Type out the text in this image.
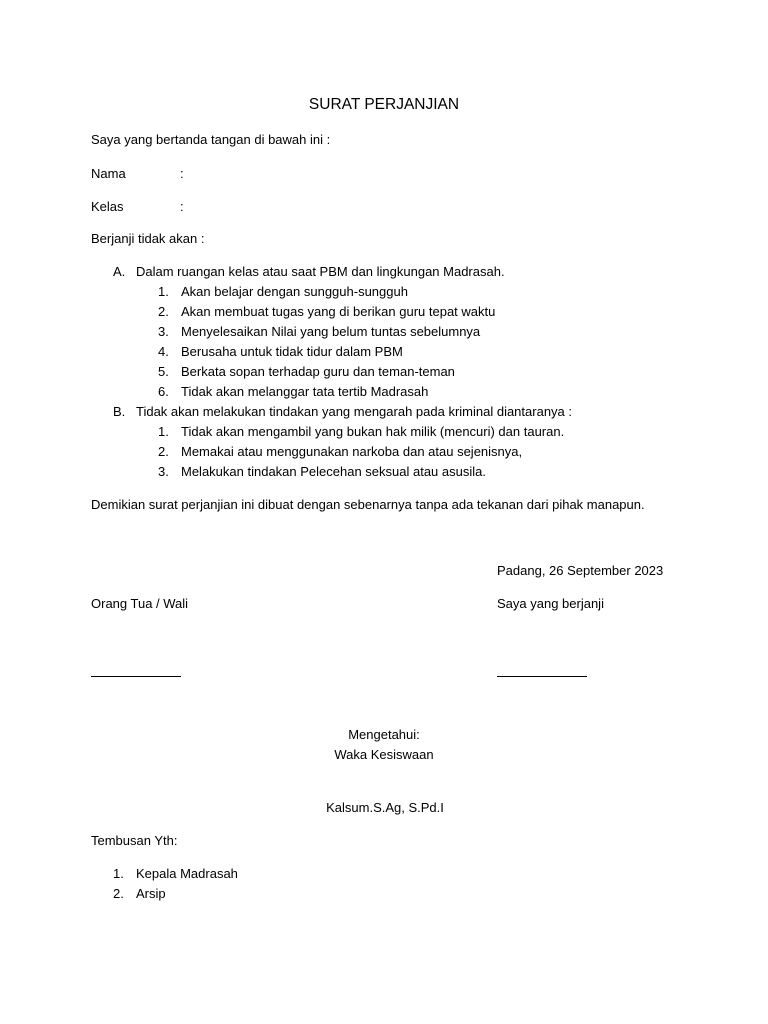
SURAT PERJANJIAN
Saya yang bertanda tangan di bawah ini :
Nama	:
Kelas	:
Berjanji tidak akan :
A. Dalam ruangan kelas atau saat PBM dan lingkungan Madrasah.
1. Akan belajar dengan sungguh-sungguh
2. Akan membuat tugas yang di berikan guru tepat waktu
3. Menyelesaikan Nilai yang belum tuntas sebelumnya
4. Berusaha untuk tidak tidur dalam PBM
5. Berkata sopan terhadap guru dan teman-teman
6. Tidak akan melanggar tata tertib Madrasah
B. Tidak akan melakukan tindakan yang mengarah pada kriminal diantaranya :
1. Tidak akan mengambil yang bukan hak milik (mencuri) dan tauran.
2. Memakai atau menggunakan narkoba dan atau sejenisnya,
3. Melakukan tindakan Pelecehan seksual atau asusila.
Demikian surat perjanjian ini dibuat dengan sebenarnya tanpa ada tekanan dari pihak manapun.
Padang, 26 September 2023
Orang Tua / Wali	Saya yang berjanji
Mengetahui:
Waka Kesiswaan
Kalsum.S.Ag, S.Pd.I
Tembusan Yth:
1. Kepala Madrasah
2. Arsip
